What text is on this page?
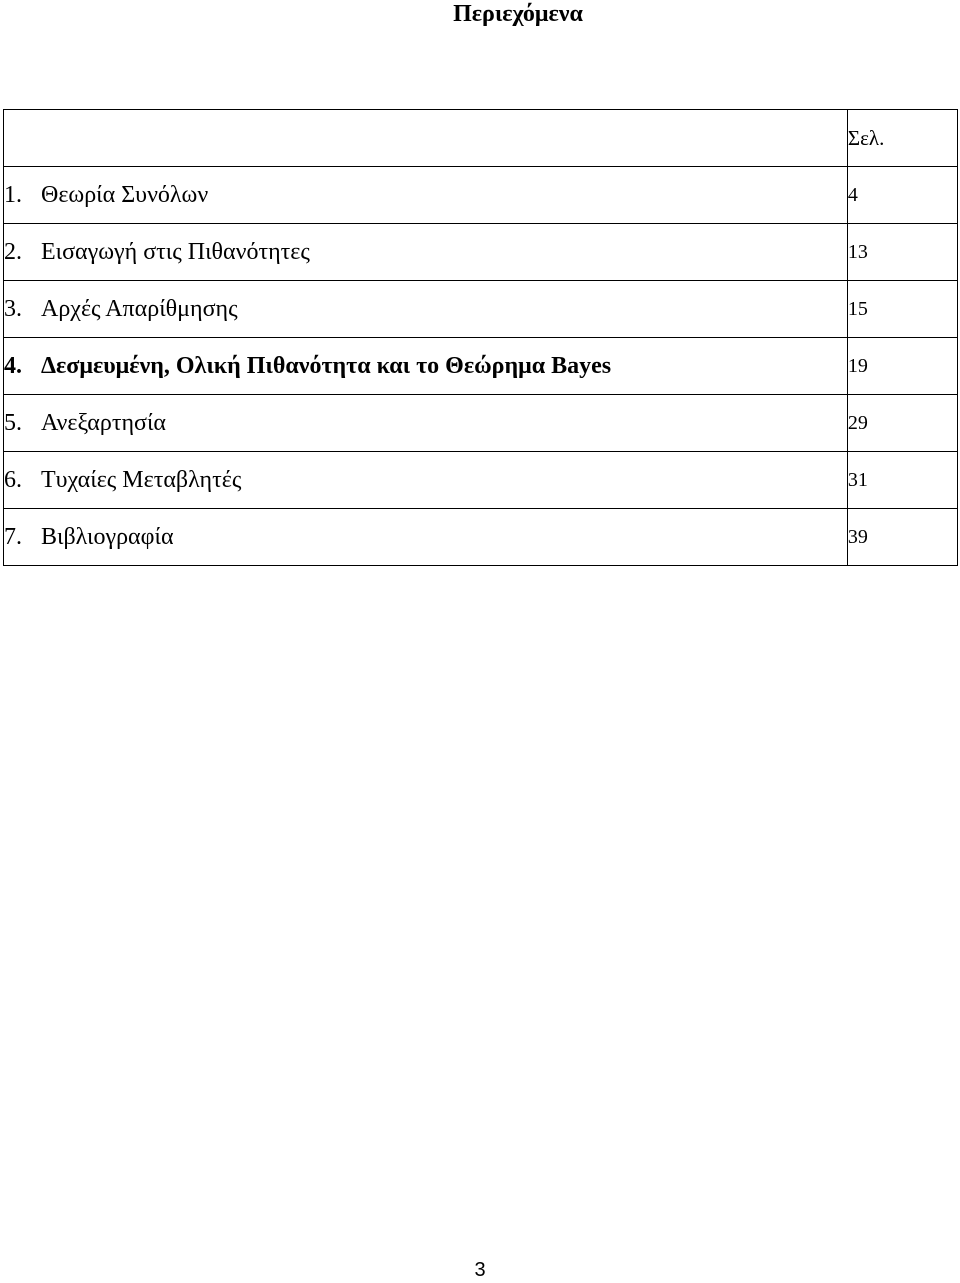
Περιεχόμενα
	Σελ.
1. Θεωρία Συνόλων	4
2. Εισαγωγή στις Πιθανότητες	13
3. Αρχές Απαρίθμησης	15
4. Δεσμευμένη, Ολική Πιθανότητα και το Θεώρημα Bayes	19
5. Ανεξαρτησία	29
6. Τυχαίες Μεταβλητές	31
7. Βιβλιογραφία	39
3
